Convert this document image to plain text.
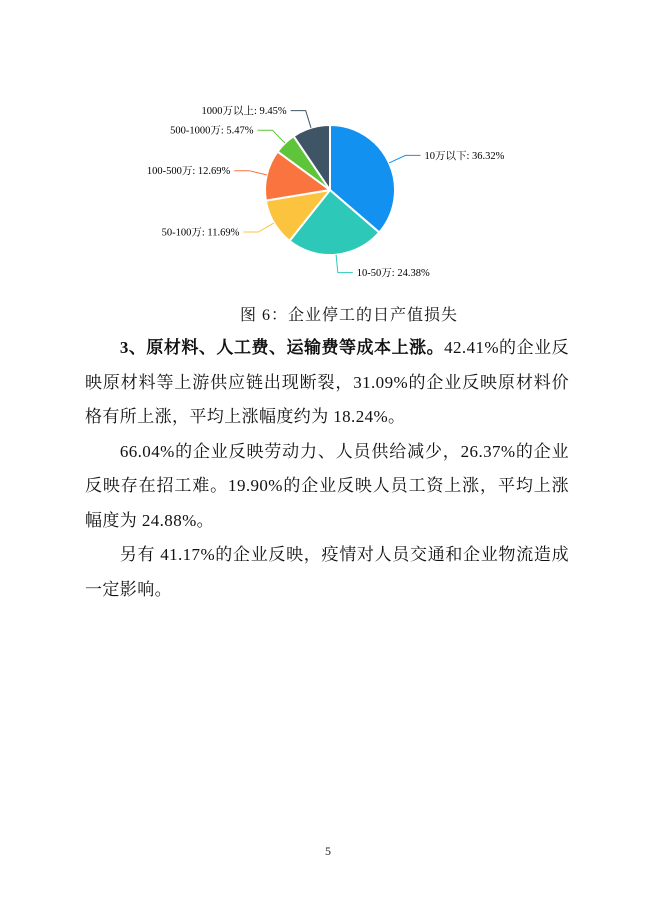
10万以下: 36.32%
10-50万: 24.38%
50-100万: 11.69%
100-500万: 12.69%
500-1000万: 5.47%
1000万以上: 9.45%
图 6：企业停工的日产值损失

3、原材料、人工费、运输费等成本上涨。42.41%的企业反映原材料等上游供应链出现断裂，31.09%的企业反映原材料价格有所上涨，平均上涨幅度约为 18.24%。

66.04%的企业反映劳动力、人员供给减少，26.37%的企业反映存在招工难。19.90%的企业反映人员工资上涨，平均上涨幅度为 24.88%。

另有 41.17%的企业反映，疫情对人员交通和企业物流造成一定影响。

5
